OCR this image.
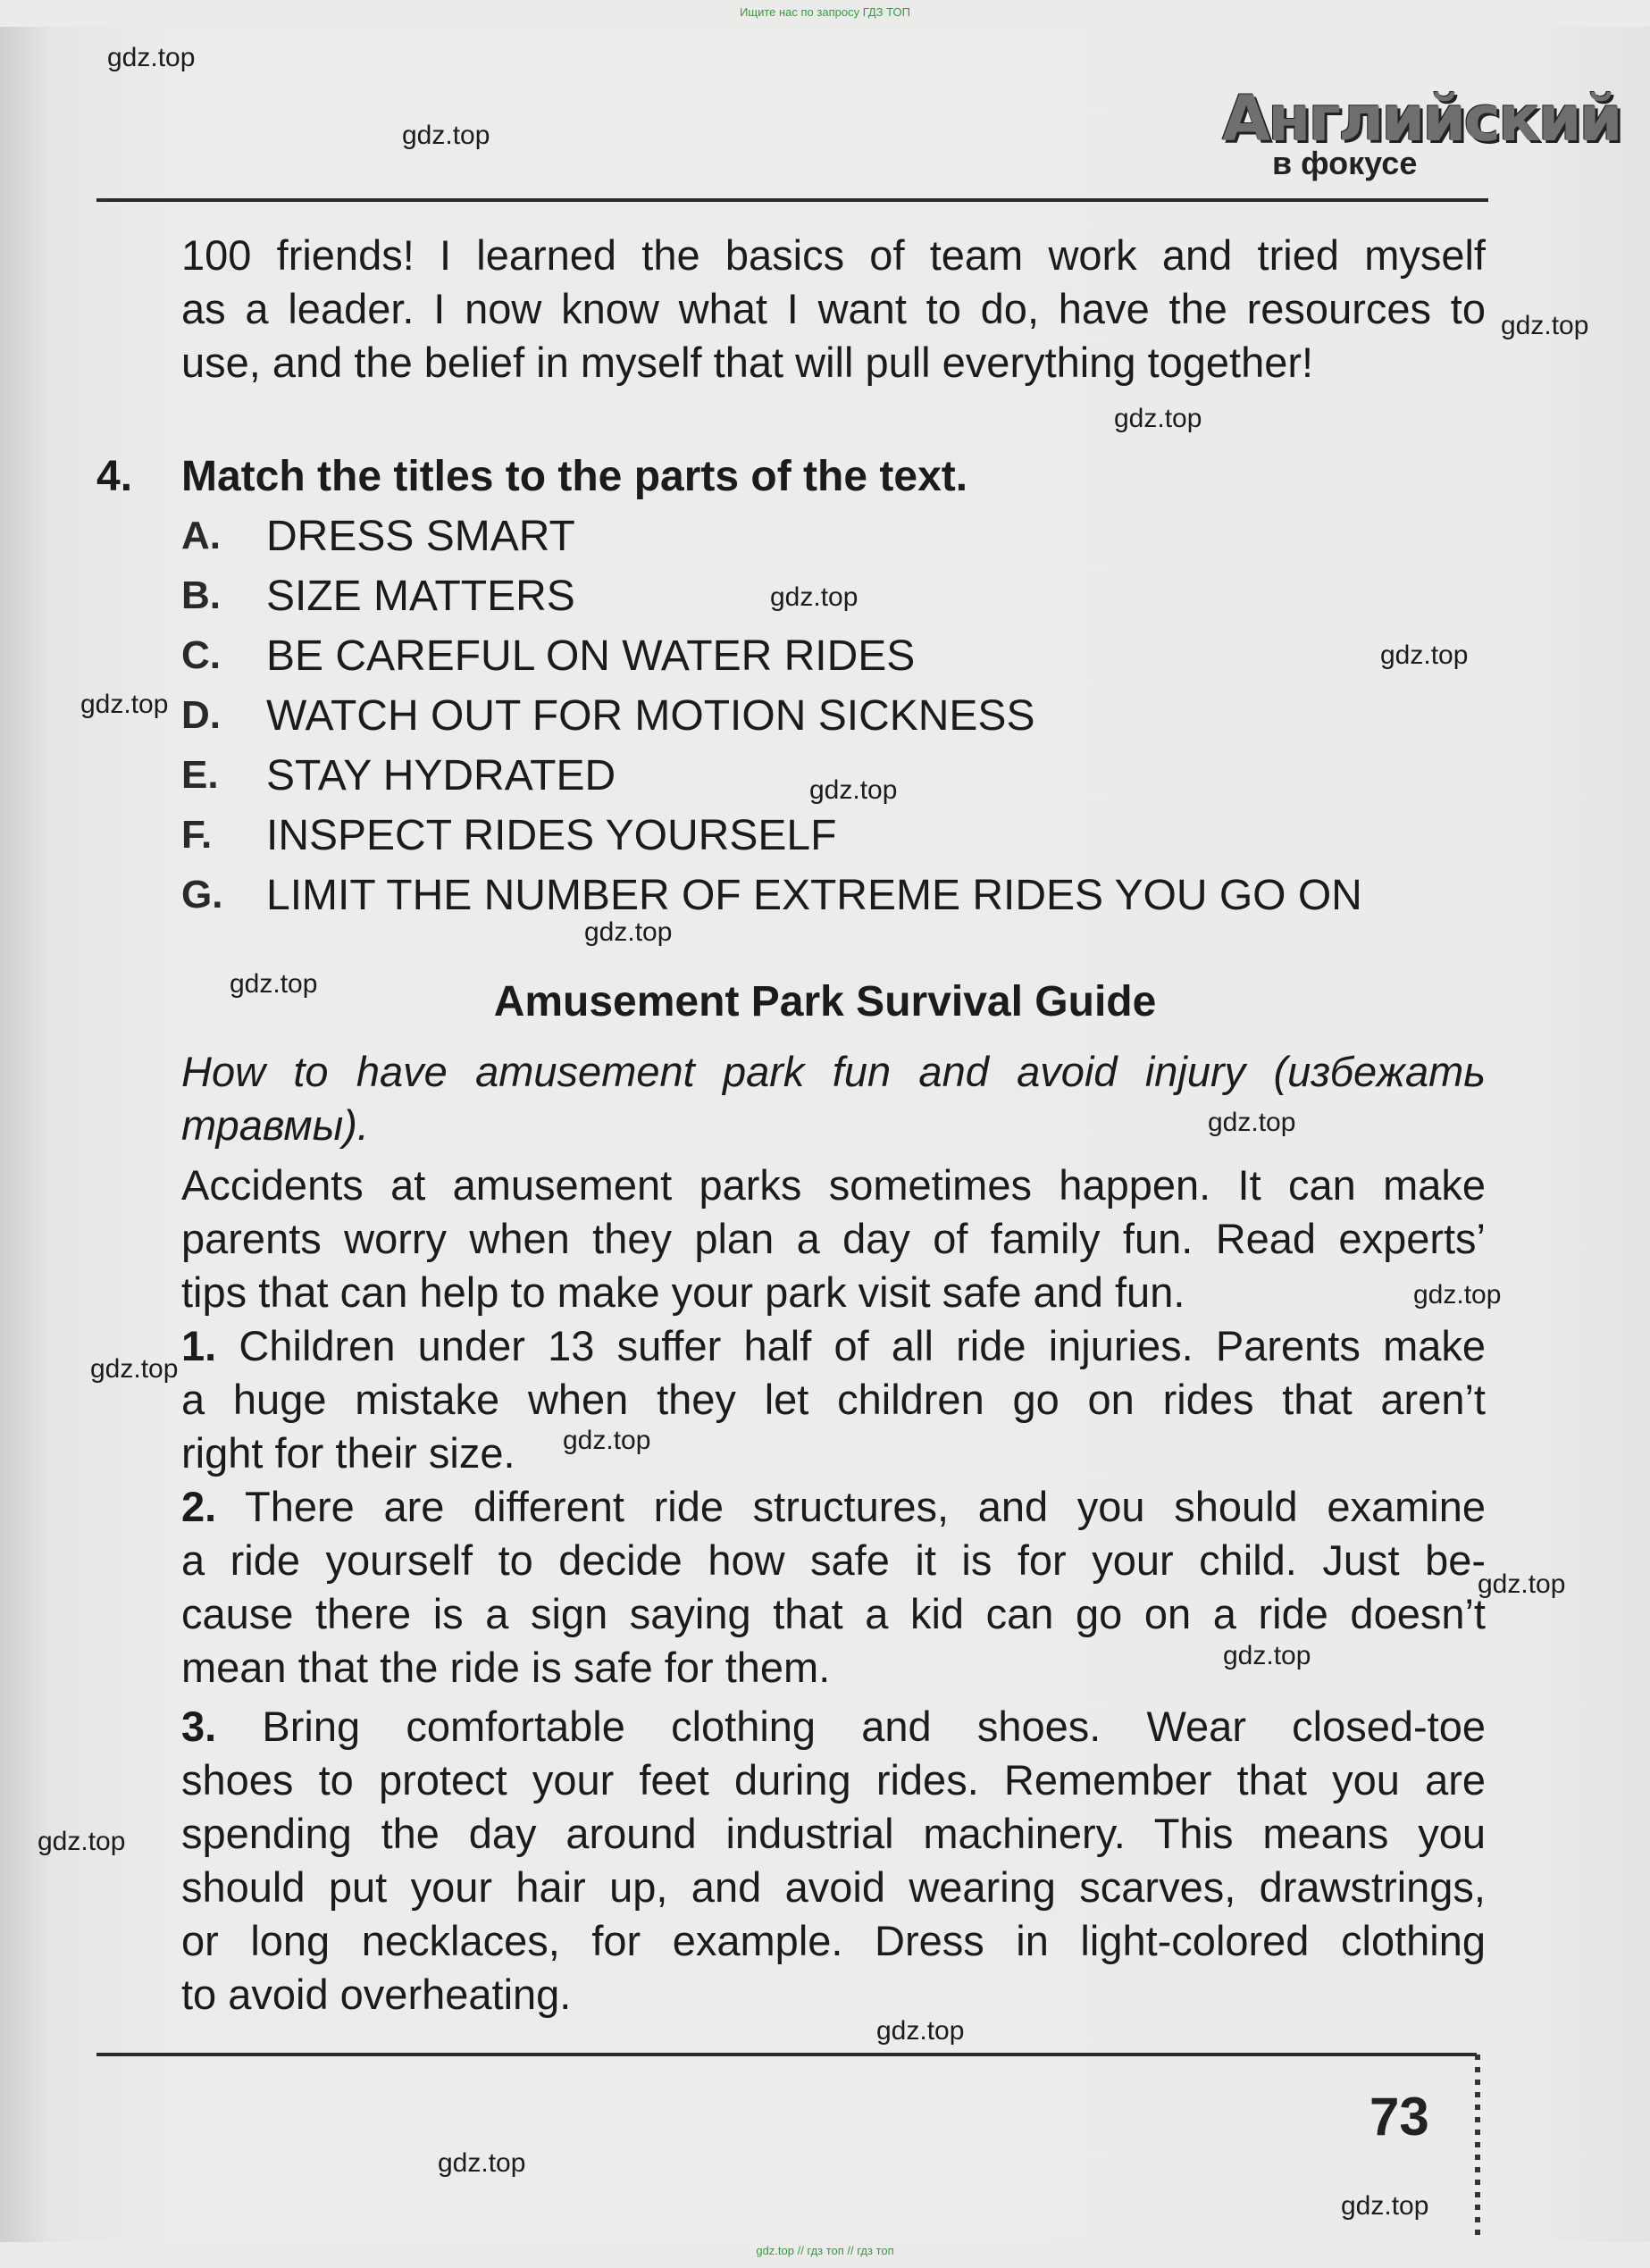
Ищите нас по запросу ГДЗ ТОП
Английский
в фокусе
100 friends! I learned the basics of team work and tried myself
as a leader. I now know what I want to do, have the resources to
use, and the belief in myself that will pull everything together!
4. Match the titles to the parts of the text.
A. DRESS SMART
B. SIZE MATTERS
C. BE CAREFUL ON WATER RIDES
D. WATCH OUT FOR MOTION SICKNESS
E. STAY HYDRATED
F. INSPECT RIDES YOURSELF
G. LIMIT THE NUMBER OF EXTREME RIDES YOU GO ON
Amusement Park Survival Guide
How to have amusement park fun and avoid injury (избежать
травмы).
Accidents at amusement parks sometimes happen. It can make
parents worry when they plan a day of family fun. Read experts’
tips that can help to make your park visit safe and fun.
1. Children under 13 suffer half of all ride injuries. Parents make
a huge mistake when they let children go on rides that aren’t
right for their size.
2. There are different ride structures, and you should examine
a ride yourself to decide how safe it is for your child. Just be-
cause there is a sign saying that a kid can go on a ride doesn’t
mean that the ride is safe for them.
3. Bring comfortable clothing and shoes. Wear closed-toe
shoes to protect your feet during rides. Remember that you are
spending the day around industrial machinery. This means you
should put your hair up, and avoid wearing scarves, drawstrings,
or long necklaces, for example. Dress in light-colored clothing
to avoid overheating.
73
gdz.top
gdz.top
gdz.top
gdz.top
gdz.top
gdz.top
gdz.top
gdz.top
gdz.top
gdz.top
gdz.top
gdz.top
gdz.top
gdz.top
gdz.top
gdz.top
gdz.top
gdz.top
gdz.top
gdz.top
gdz.top // гдз топ // гдз топ
